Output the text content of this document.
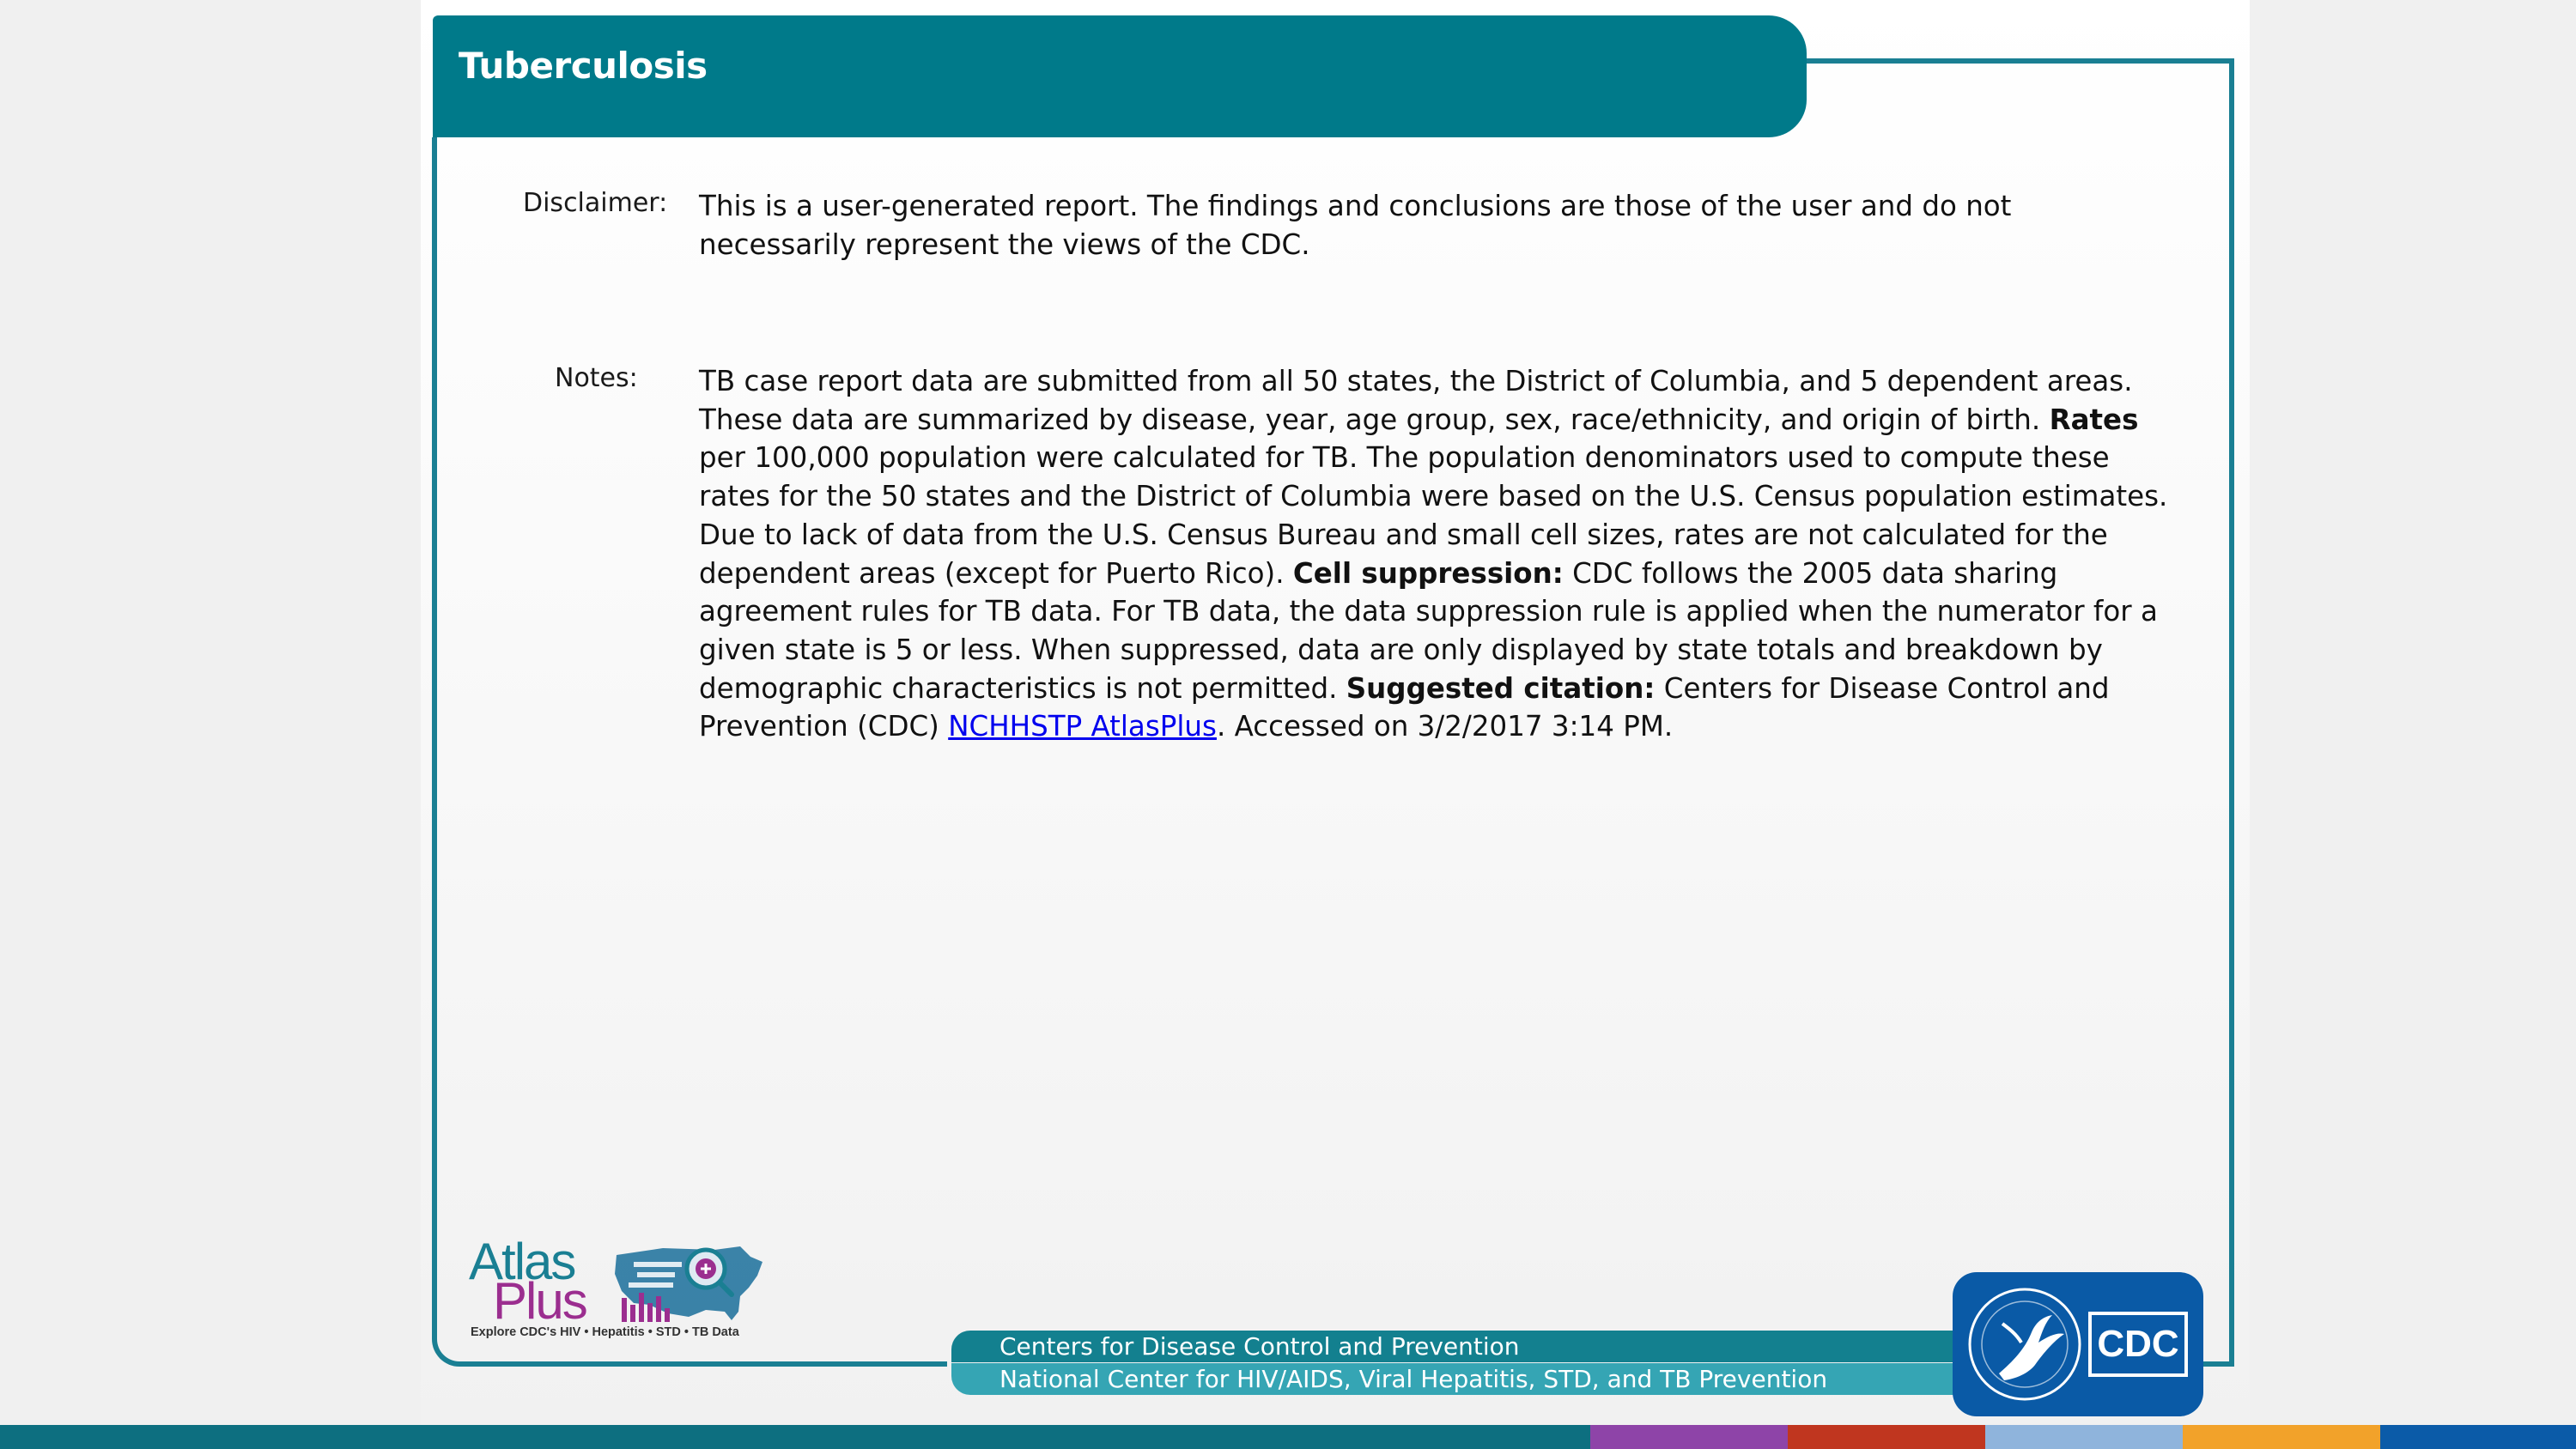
Tuberculosis
Disclaimer: This is a user-generated report. The findings and conclusions are those of the user and do not necessarily represent the views of the CDC.

Notes: TB case report data are submitted from all 50 states, the District of Columbia, and 5 dependent areas. These data are summarized by disease, year, age group, sex, race/ethnicity, and origin of birth. Rates per 100,000 population were calculated for TB. The population denominators used to compute these rates for the 50 states and the District of Columbia were based on the U.S. Census population estimates. Due to lack of data from the U.S. Census Bureau and small cell sizes, rates are not calculated for the dependent areas (except for Puerto Rico). Cell suppression: CDC follows the 2005 data sharing agreement rules for TB data. For TB data, the data suppression rule is applied when the numerator for a given state is 5 or less. When suppressed, data are only displayed by state totals and breakdown by demographic characteristics is not permitted. Suggested citation: Centers for Disease Control and Prevention (CDC) NCHHSTP AtlasPlus. Accessed on 3/2/2017 3:14 PM.

Atlas
Plus
Explore CDC's HIV • Hepatitis • STD • TB Data	Centers for Disease Control and Prevention
National Center for HIV/AIDS, Viral Hepatitis, STD, and TB Prevention
CDC
